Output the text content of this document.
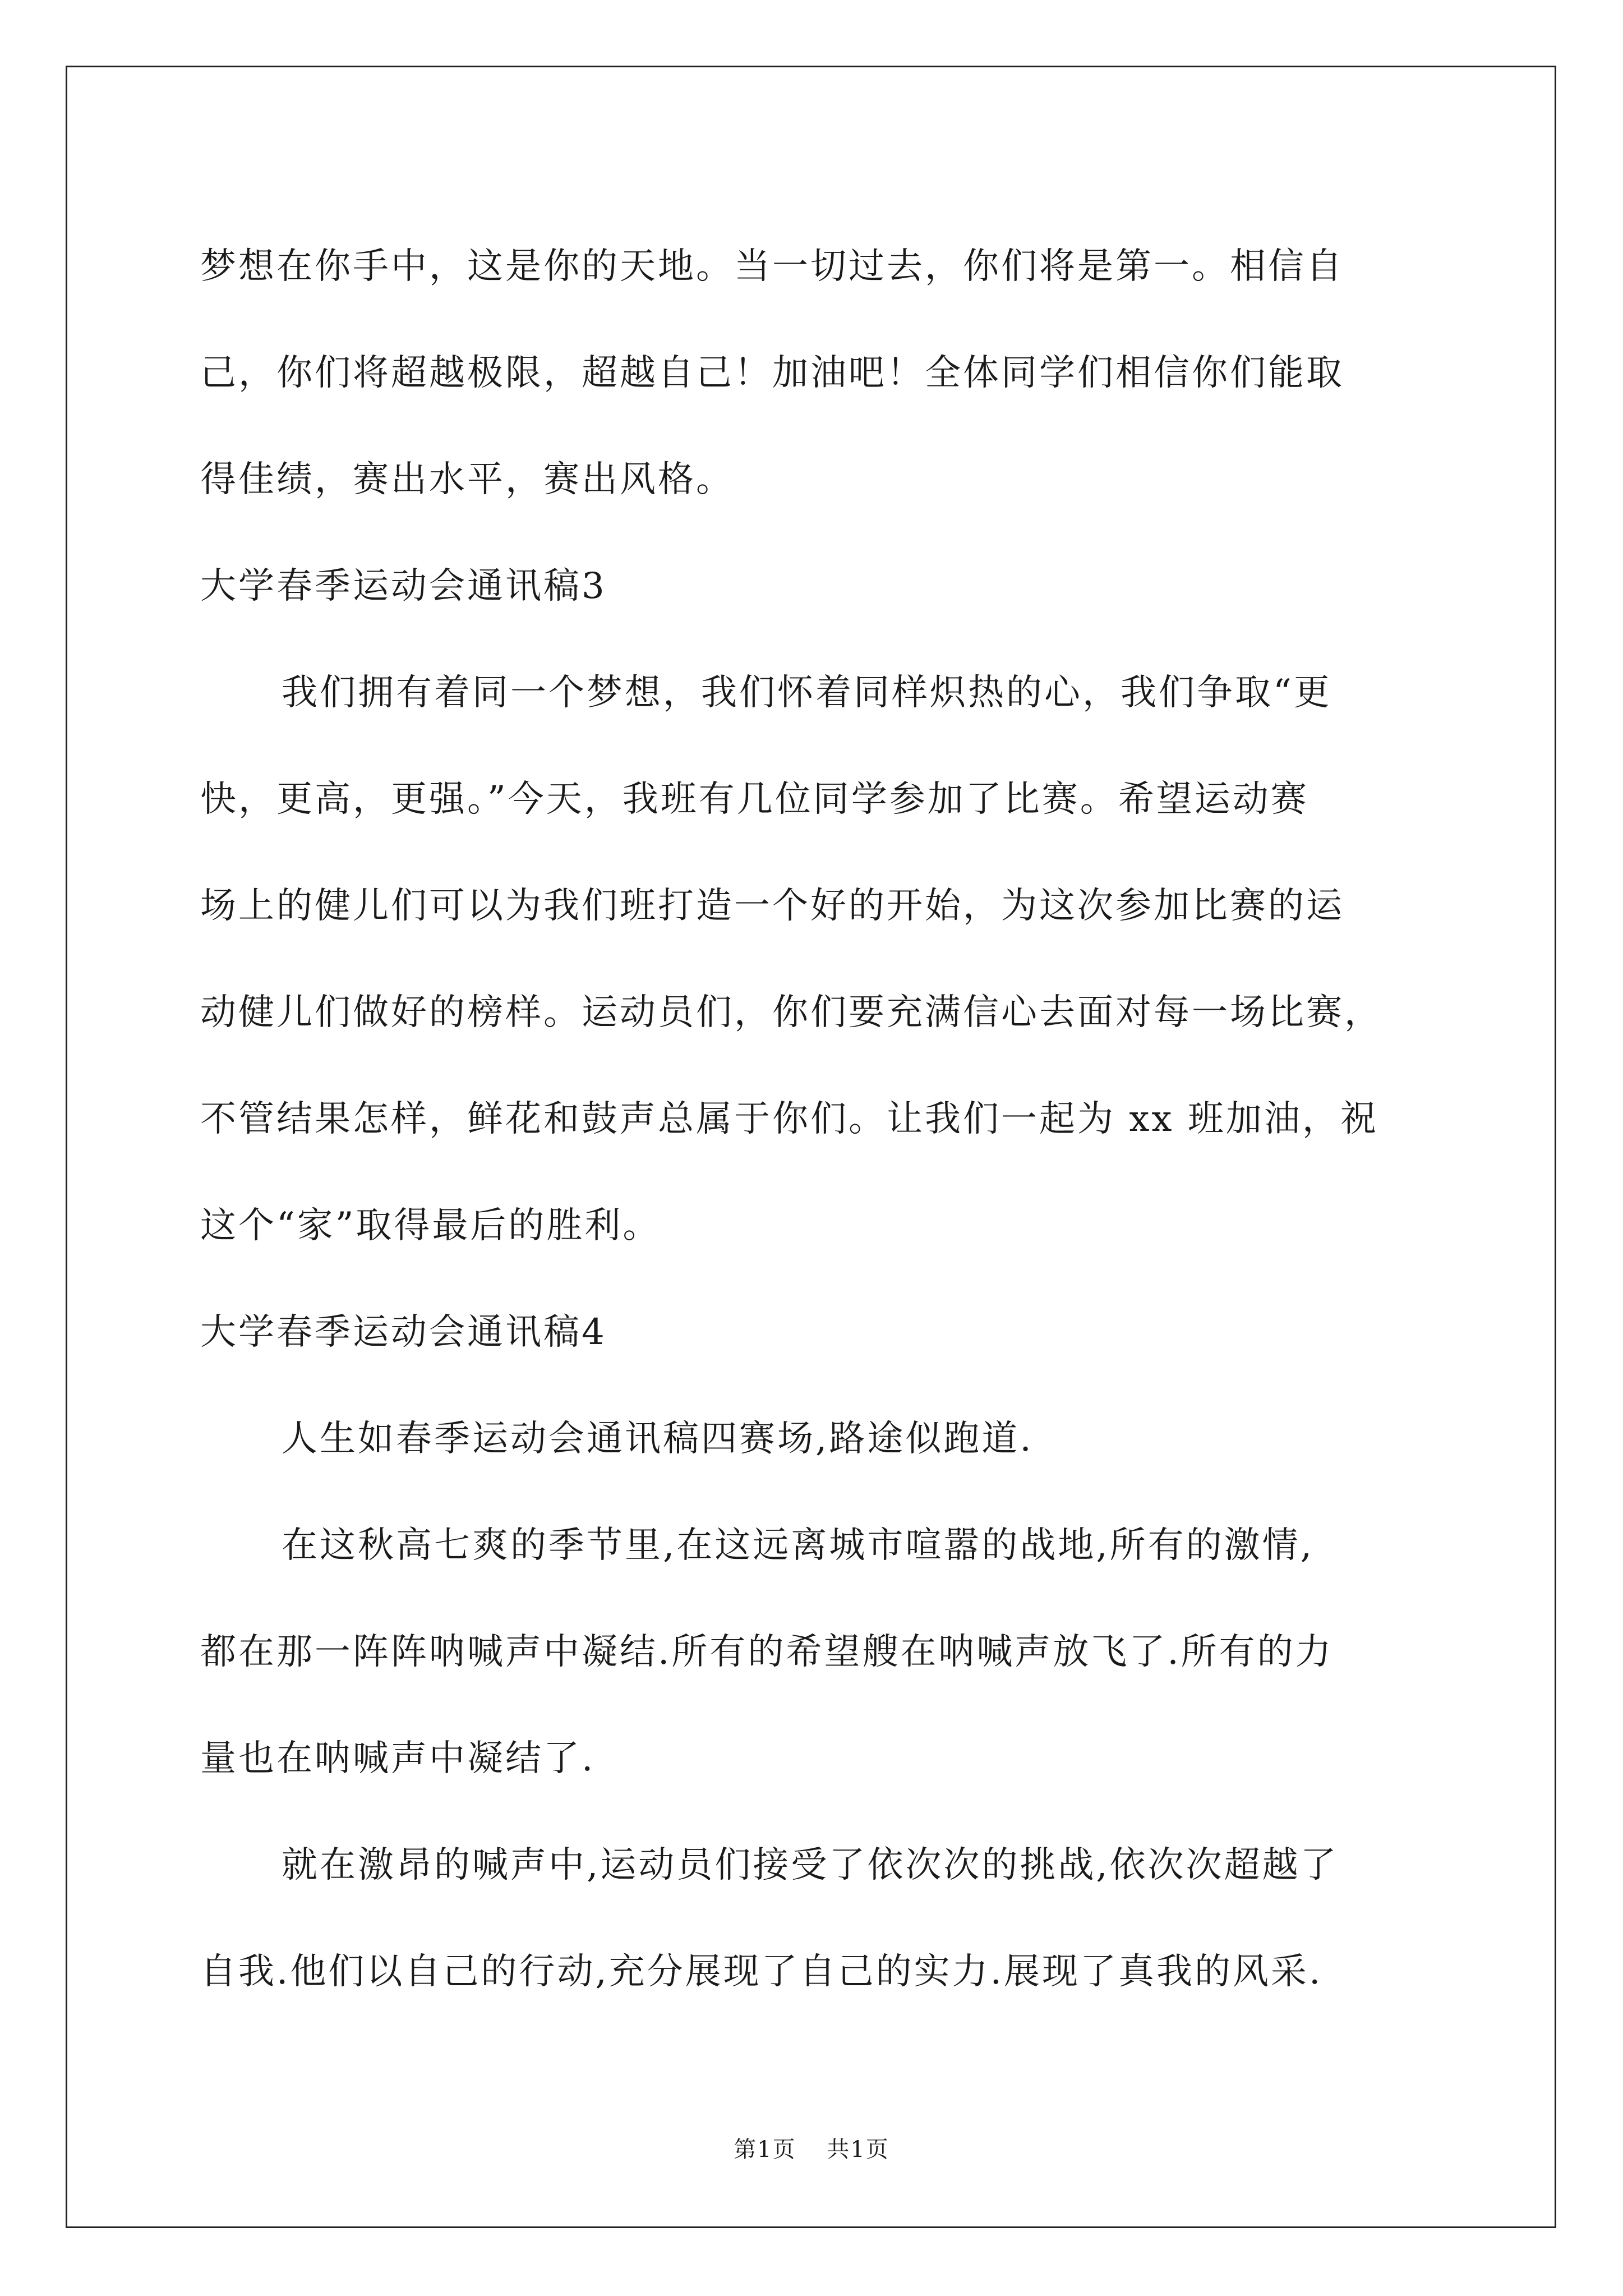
梦想在你手中，这是你的天地。当一切过去，你们将是第一。相信自
己，你们将超越极限，超越自己！加油吧！全体同学们相信你们能取
得佳绩，赛出水平，赛出风格。
大学春季运动会通讯稿3
我们拥有着同一个梦想，我们怀着同样炽热的心，我们争取“更
快，更高，更强。”今天，我班有几位同学参加了比赛。希望运动赛
场上的健儿们可以为我们班打造一个好的开始，为这次参加比赛的运
动健儿们做好的榜样。运动员们，你们要充满信心去面对每一场比赛，
不管结果怎样，鲜花和鼓声总属于你们。让我们一起为 xx 班加油，祝
这个“家”取得最后的胜利。
大学春季运动会通讯稿4
人生如春季运动会通讯稿四赛场,路途似跑道.
在这秋高七爽的季节里,在这远离城市喧嚣的战地,所有的激情,
都在那一阵阵呐喊声中凝结.所有的希望艘在呐喊声放飞了.所有的力
量也在呐喊声中凝结了.
就在激昂的喊声中,运动员们接受了依次次的挑战,依次次超越了
自我.他们以自己的行动,充分展现了自己的实力.展现了真我的风采.
第1页 共1页
